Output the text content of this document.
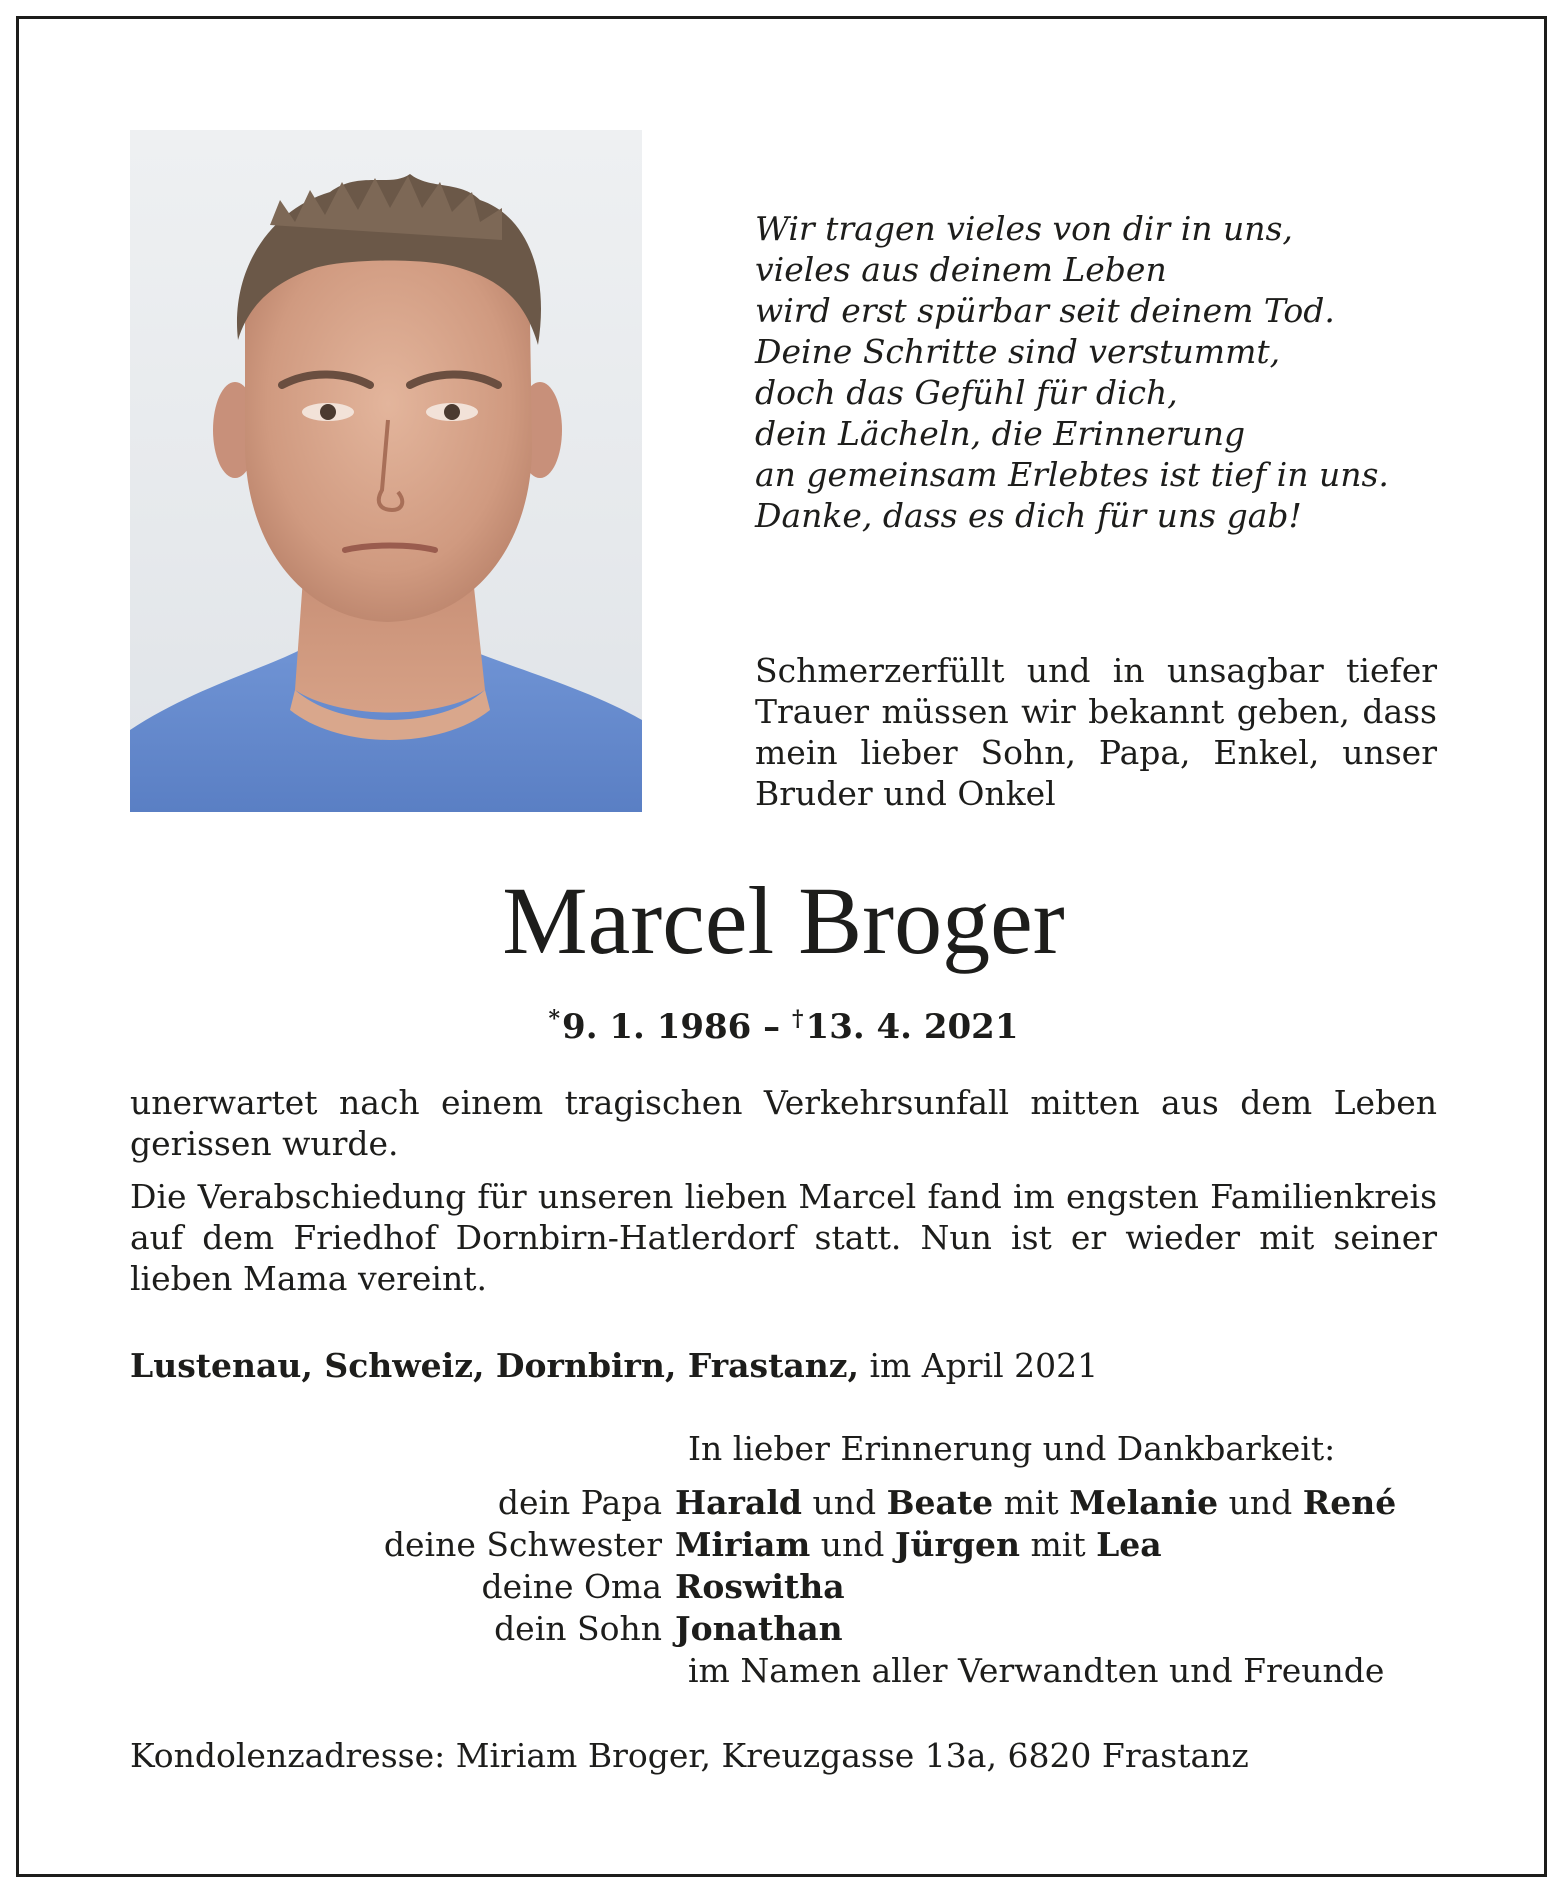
Wir tragen vieles von dir in uns,
vieles aus deinem Leben
wird erst spürbar seit deinem Tod.
Deine Schritte sind verstummt,
doch das Gefühl für dich,
dein Lächeln, die Erinnerung
an gemeinsam Erlebtes ist tief in uns.
Danke, dass es dich für uns gab!
Schmerzerfüllt und in unsagbar tiefer Trauer müssen wir bekannt geben, dass mein lieber Sohn, Papa, Enkel, unser Bruder und Onkel
Marcel Broger
*9. 1. 1986 – †13. 4. 2021
unerwartet nach einem tragischen Verkehrsunfall mitten aus dem Leben gerissen wurde.
Die Verabschiedung für unseren lieben Marcel fand im engsten Familienkreis auf dem Friedhof Dornbirn-Hatlerdorf statt. Nun ist er wieder mit seiner lieben Mama vereint.
Lustenau, Schweiz, Dornbirn, Frastanz, im April 2021
In lieber Erinnerung und Dankbarkeit:
dein Papa Harald und Beate mit Melanie und René
deine Schwester Miriam und Jürgen mit Lea
deine Oma Roswitha
dein Sohn Jonathan
im Namen aller Verwandten und Freunde
Kondolenzadresse: Miriam Broger, Kreuzgasse 13a, 6820 Frastanz
